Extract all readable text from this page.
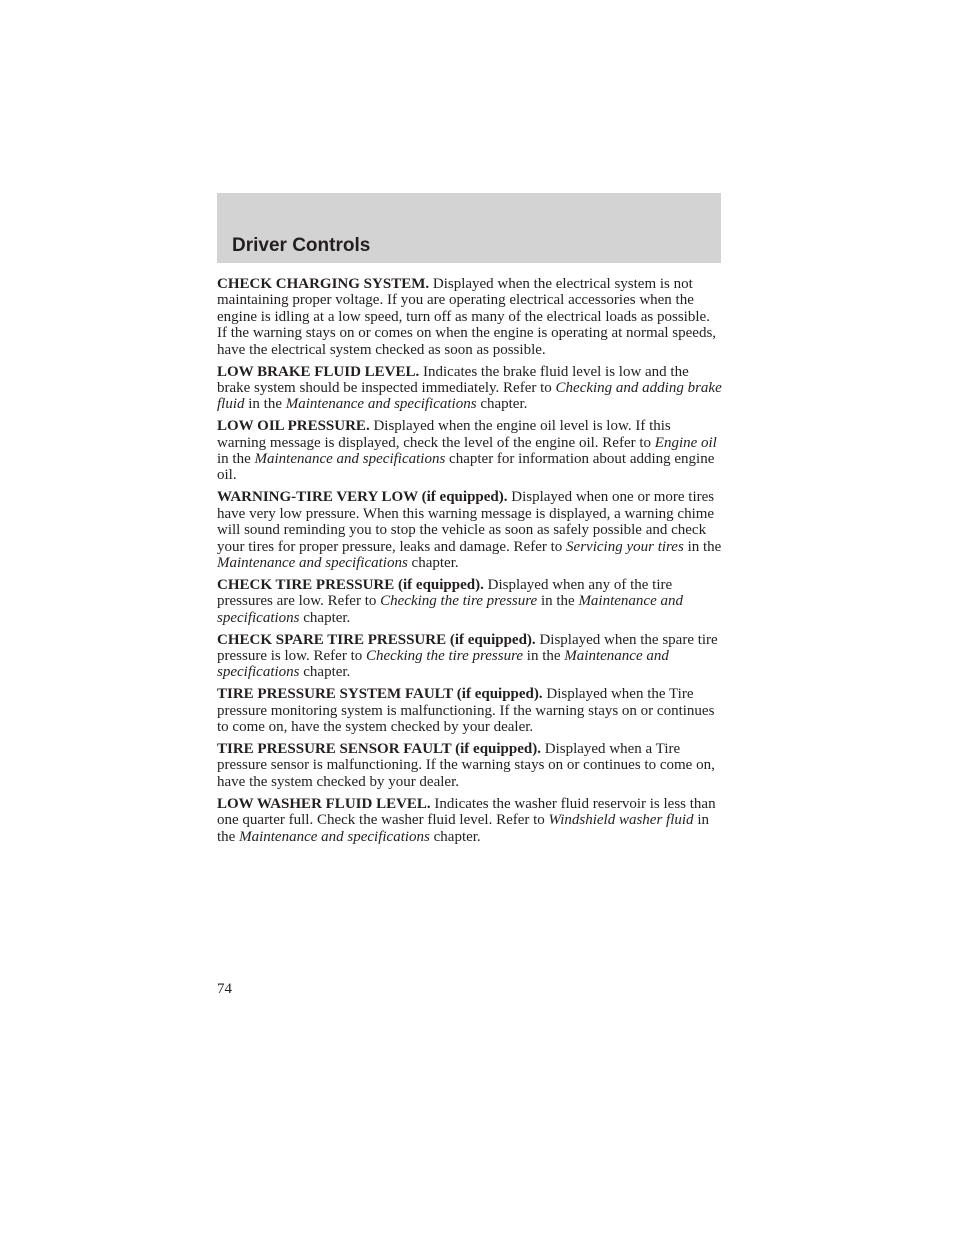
Driver Controls

CHECK CHARGING SYSTEM. Displayed when the electrical system is not maintaining proper voltage. If you are operating electrical accessories when the engine is idling at a low speed, turn off as many of the electrical loads as possible. If the warning stays on or comes on when the engine is operating at normal speeds, have the electrical system checked as soon as possible.

LOW BRAKE FLUID LEVEL. Indicates the brake fluid level is low and the brake system should be inspected immediately. Refer to Checking and adding brake fluid in the Maintenance and specifications chapter.

LOW OIL PRESSURE. Displayed when the engine oil level is low. If this warning message is displayed, check the level of the engine oil. Refer to Engine oil in the Maintenance and specifications chapter for information about adding engine oil.

WARNING-TIRE VERY LOW (if equipped). Displayed when one or more tires have very low pressure. When this warning message is displayed, a warning chime will sound reminding you to stop the vehicle as soon as safely possible and check your tires for proper pressure, leaks and damage. Refer to Servicing your tires in the Maintenance and specifications chapter.

CHECK TIRE PRESSURE (if equipped). Displayed when any of the tire pressures are low. Refer to Checking the tire pressure in the Maintenance and specifications chapter.

CHECK SPARE TIRE PRESSURE (if equipped). Displayed when the spare tire pressure is low. Refer to Checking the tire pressure in the Maintenance and specifications chapter.

TIRE PRESSURE SYSTEM FAULT (if equipped). Displayed when the Tire pressure monitoring system is malfunctioning. If the warning stays on or continues to come on, have the system checked by your dealer.

TIRE PRESSURE SENSOR FAULT (if equipped). Displayed when a Tire pressure sensor is malfunctioning. If the warning stays on or continues to come on, have the system checked by your dealer.

LOW WASHER FLUID LEVEL. Indicates the washer fluid reservoir is less than one quarter full. Check the washer fluid level. Refer to Windshield washer fluid in the Maintenance and specifications chapter.

74
